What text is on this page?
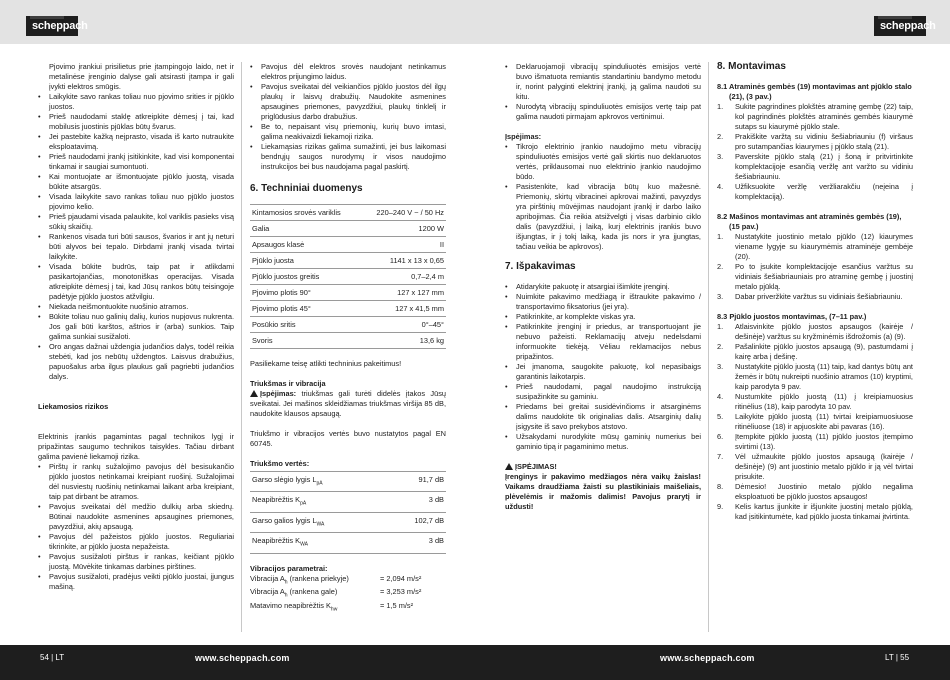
scheppach	scheppach

Pjovimo įrankiui prisilietus prie įtampingojo laido, net ir metalinėse įrenginio dalyse gali atsirasti įtampa ir gali įvykti elektros smūgis.

• Laikykite savo rankas toliau nuo pjovimo srities ir pjūklo juostos.
• Prieš naudodami staklę atkreipkite dėmesį į tai, kad mobilusis juostinis pjūklas būtų švarus.
• Jei pastebite kažką neįprasto, visada iš karto nutraukite eksploatavimą.
• Prieš naudodami įrankį įsitikinkite, kad visi komponentai tinkamai ir saugiai sumontuoti.
• Kai montuojate ar išmontuojate pjūklo juostą, visada būkite atsargūs.
• Visada laikykite savo rankas toliau nuo pjūklo juostos pjovimo kelio.
• Prieš pjaudami visada palaukite, kol variklis pasieks visą sūkių skaičių.
• Rankenos visada turi būti sausos, švarios ir ant jų neturi būti alyvos bei tepalo. Dirbdami įrankį visada tvirtai laikykite.
• Visada būkite budrūs, taip pat ir atlikdami pasikartojančias, monotoniškas operacijas. Visada atkreipkite dėmesį į tai, kad Jūsų rankos būtų teisingoje padėtyje pjūklo juostos atžvilgiu.
• Niekada neišmontuokite nuošinio atramos.
• Būkite toliau nuo galinių dalių, kurios nupjovus nukrenta. Jos gali būti karštos, aštrios ir (arba) sunkios. Taip galima sunkiai susižaloti.
• Oro angas dažnai uždengia judančios dalys, todėl reikia stebėti, kad jos nebūtų uždengtos. Laisvus drabužius, papuošalus arba ilgus plaukus gali pagriebti judančios dalys.
Liekamosios rizikos

Elektrinis įrankis pagamintas pagal technikos lygį ir pripažintas saugumo technikos taisykles. Tačiau dirbant galima pavienė liekamoji rizika.

• Pirštų ir rankų sužalojimo pavojus dėl besisukančio pjūklo juostos netinkamai kreipiant ruošinį. Sužalojimai dėl nusviestų ruošinių netinkamai laikant arba kreipiant, taip pat dirbant be atramos.
• Pavojus sveikatai dėl medžio dulkių arba skiedrų. Būtinai naudokite asmenines apsaugines priemones, pavyzdžiui, akių apsaugą.
• Pavojus dėl pažeistos pjūklo juostos. Reguliariai tikrinkite, ar pjūklo juosta nepažeista.
• Pavojus susižaloti pirštus ir rankas, keičiant pjūklo juostą. Mūvėkite tinkamas darbines pirštines.
• Pavojus susižaloti, pradėjus veikti pjūklo juostai, įjungus mašiną.
• Pavojus dėl elektros srovės naudojant netinkamus elektros prijungimo laidus.
• Pavojus sveikatai dėl veikiančios pjūklo juostos dėl ilgų plaukų ir laisvų drabužių. Naudokite asmenines apsaugines priemones, pavyzdžiui, plaukų tinklelį ir priglūdusius darbo drabužius.
• Be to, nepaisant visų priemonių, kurių buvo imtasi, galima neakivaizdi liekamoji rizika.
• Liekamąsias rizikas galima sumažinti, jei bus laikomasi bendrųjų saugos nurodymų ir visos naudojimo instrukcijos bei bus naudojama pagal paskirtį.
6. Techniniai duomenys
Kintamosios srovės variklis	220–240 V ~ / 50 Hz
Galia	1200 W
Apsaugos klasė	II
Pjūklo juosta	1141 x 13 x 0,65
Pjūklo juostos greitis	0,7–2,4 m
Pjovimo plotis 90°	127 x 127 mm
Pjovimo plotis 45°	127 x 41,5 mm
Posūkio sritis	0°–45°
Svoris	13,6 kg

Pasiliekame teisę atlikti techninius pakeitimus!

Triukšmas ir vibracija

Įspėjimas: triukšmas gali turėti didelės įtakos Jūsų sveikatai. Jei mašinos skleidžiamas triukšmas viršija 85 dB, naudokite klausos apsaugą.

Triukšmo ir vibracijos vertės buvo nustatytos pagal EN 60745.

Triukšmo vertės:
Garso slėgio lygis $L_{pA}$	91,7 dB
Neapibrėžtis $K_{pA}$	3 dB
Garso galios lygis $L_{WA}$	102,7 dB
Neapibrėžtis $K_{WA}$	3 dB
Vibracijos parametrai:
Vibracija $A_h$ (rankena priekyje)	= 2,094 m/s²
Vibracija $A_h$ (rankena gale)	= 3,253 m/s²
Matavimo neapibrėžtis $K_{hw}$	= 1,5 m/s²
• Deklaruojamoji vibracijų spinduliuotės emisijos vertė buvo išmatuota remiantis standartiniu bandymo metodu ir, norint palyginti elektrinį įrankį, ją galima naudoti su kitu.
• Nurodytą vibracijų spinduliuotės emisijos vertę taip pat galima naudoti pirmajam apkrovos vertinimui.
Įspėjimas:
• Tikrojo elektrinio įrankio naudojimo metu vibracijų spinduliuotės emisijos vertė gali skirtis nuo deklaruotos vertės, priklausomai nuo elektrinio įrankio naudojimo būdo.
• Pasistenkite, kad vibracija būtų kuo mažesnė. Priemonių, skirtų vibracinei apkrovai mažinti, pavyzdys yra pirštinių mūvėjimas naudojant įrankį ir darbo laiko apribojimas. Čia reikia atsižvelgti į visas darbinio ciklo dalis (pavyzdžiui, į laiką, kurį elektrinis įrankis buvo išjungtas, ir į tokį laiką, kada jis nors ir yra įjungtas, tačiau veikia be apkrovos).
7. Išpakavimas
• Atidarykite pakuotę ir atsargiai išimkite įrenginį.
• Nuimkite pakavimo medžiagą ir ištraukite pakavimo / transportavimo fiksatorius (jei yra).
• Patikrinkite, ar komplekte viskas yra.
• Patikrinkite įrenginį ir priedus, ar transportuojant jie nebuvo pažeisti. Reklamacijų atveju nedelsdami informuokite tiekėją. Vėliau reklamacijos nebus pripažintos.
• Jei įmanoma, saugokite pakuotę, kol nepasibaigs garantinis laikotarpis.
• Prieš naudodami, pagal naudojimo instrukciją susipažinkite su gaminiu.
• Priedams bei greitai susidėvinčioms ir atsarginėms dalims naudokite tik originalias dalis. Atsarginių dalių įsigysite iš savo prekybos atstovo.
• Užsakydami nurodykite mūsų gaminių numerius bei gaminio tipą ir pagaminimo metus.
ĮSPĖJIMAS!

Įrenginys ir pakavimo medžiagos nėra vaikų žaislas! Vaikams draudžiama žaisti su plastikiniais maišeliais, plėvelėmis ir mažomis dalimis! Pavojus prarytį ir uždusti!

8. Montavimas
8.1 Atraminės gembės (19) montavimas ant pjūklo stalo (21), (3 pav.)
1. Sukite pagrindines plokštės atraminę gembę (22) taip, kol pagrindinės plokštės atraminės gembės kiaurymė sutaps su kiaurymė pjūklo stale.
2. Prakiškite varžtą su vidiniu šešiabriauniu (f) viršaus pro sutampančias kiaurymes į pjūklo stalą (21).
3. Paverskite pjūklo stalą (21) į šoną ir pritvirtinkite komplektacijoje esančią veržlę ant varžto su vidiniu šešiabriauniu.
4. Užfiksuokite veržlę veržliarakčiu (neįeina į komplektaciją).
8.2 Mašinos montavimas ant atraminės gembės (19), (15 pav.)
1. Nustatykite juostinio metalo pjūklo (12) kiaurymes viename lygyje su kiaurymėmis atraminėje gembėje (20).
2. Po to įsukite komplektacijoje esančius varžtus su vidiniais šešiabriauniais pro atraminę gembę į juostinį metalo pjūklą.
3. Dabar priveržkite varžtus su vidiniais šešiabriauniu.
8.3 Pjūklo juostos montavimas, (7–11 pav.)
1. Atlaisvinkite pjūklo juostos apsaugos (kairėje / dešinėje) varžtus su kryžminėmis išdrožomis (a) (9).
2. Pašalinkite pjūklo juostos apsaugą (9), pastumdami į kairę arba į dešinę.
3. Nustatykite pjūklo juostą (11) taip, kad dantys būtų ant žemės ir būtų nukreipti nuošinio atramos (10) kryptimi, kaip parodyta 9 pav.
4. Nustumkite pjūklo juostą (11) į kreipiamuosius ritinėlius (18), kaip parodyta 10 pav.
5. Laikykite pjūklo juostą (11) tvirtai kreipiamuosiuose ritinėliuose (18) ir apjuoskite abi pavaras (16).
6. Įtempkite pjūklo juostą (11) pjūklo juostos įtempimo svirtimi (13).
7. Vėl užmaukite pjūklo juostos apsaugą (kairėje / dešinėje) (9) ant juostinio metalo pjūklo ir ją vėl tvirtai prisukite.
8. Dėmesio! Juostinio metalo pjūklo negalima eksploatuoti be pjūklo juostos apsaugos!
9. Kelis kartus įjunkite ir išjunkite juostinį metalo pjūklą, kad įsitikintumėte, kad pjūklo juosta tinkamai įtvirtinta.
54 | LT	www.scheppach.com	www.scheppach.com	LT | 55
